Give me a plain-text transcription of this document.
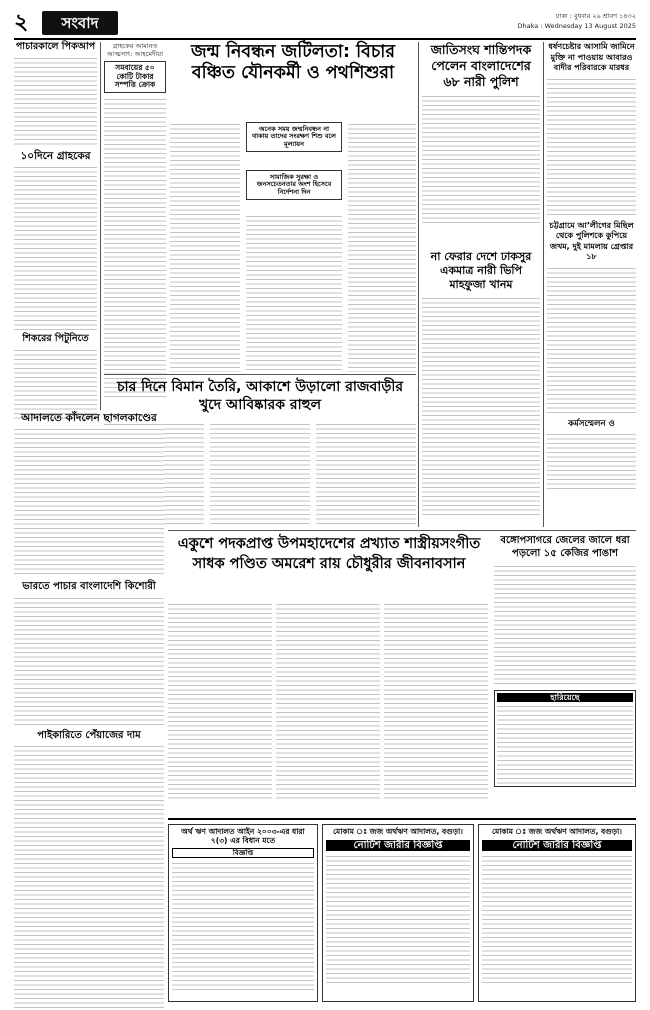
২	সংবাদ	ঢাকা : বুধবার ২৯ শ্রাবণ ১৪৩২
Dhaka : Wednesday 13 August 2025
পাচারকালে পিকআপ
১০দিনে গ্রাহকের
শিকরের পিটুনিতে
গ্রাহকের আমানত
আত্মসাৎ: আহমেদীয়া
সমবায়ের ৫০ কোটি টাকার সম্পত্তি ক্রোক
জন্ম নিবন্ধন জটিলতা: বিচার বঞ্চিত যৌনকর্মী ও পথশিশুরা
অনেক সময় জন্মনিবন্ধন না থাকায় তাদের সংরক্ষণ শিশু বলে মূল্যায়ন
সামাজিক সুরক্ষা ও জনসচেতনতার অংশ হিসেবে নির্দেশনা দিন
চার দিনে বিমান তৈরি, আকাশে উড়ালো রাজবাড়ীর খুদে আবিষ্কারক রাহুল
আদালতে কাঁদলেন ছাগলকাণ্ডের
ভারতে পাচার বাংলাদেশি কিশোরী
পাইকারিতে পেঁয়াজের দাম
একুশে পদকপ্রাপ্ত উপমহাদেশের প্রখ্যাত শাস্ত্রীয়সংগীত সাধক পণ্ডিত অমরেশ রায় চৌধুরীর জীবনাবসান
জাতিসংঘ শান্তিপদক পেলেন বাংলাদেশের ৬৮ নারী পুলিশ
না ফেরার দেশে ঢাকসুর একমাত্র নারী ভিপি মাহফুজা খানম
ধর্ষণচেষ্টার আসামি জামিনে মুক্তি না পাওয়ায় আবারও বাদীর পরিবারকে মারধর
চট্টগ্রামে আ’লীগের মিছিল থেকে পুলিশকে কুপিয়ে জখম, দুই মামলায় গ্রেপ্তার ১৮
কর্মসম্মেলন ও
বঙ্গোপসাগরে জেলের জালে ধরা পড়লো ১৫ কেজির পাঙাশ
হারিয়েছে
অর্থ ঋণ আদালত আইন ২০০৩-এর ধারা ৭(৩) এর বিধান মতে
বিজ্ঞপ্তি
মোকাম ঃ জজ অর্থঋণ আদালত, বগুড়া।
নোটিশ জারীর বিজ্ঞপ্তি
মোকাম ঃ জজ অর্থঋণ আদালত, বগুড়া।
নোটিশ জারীর বিজ্ঞপ্তি
